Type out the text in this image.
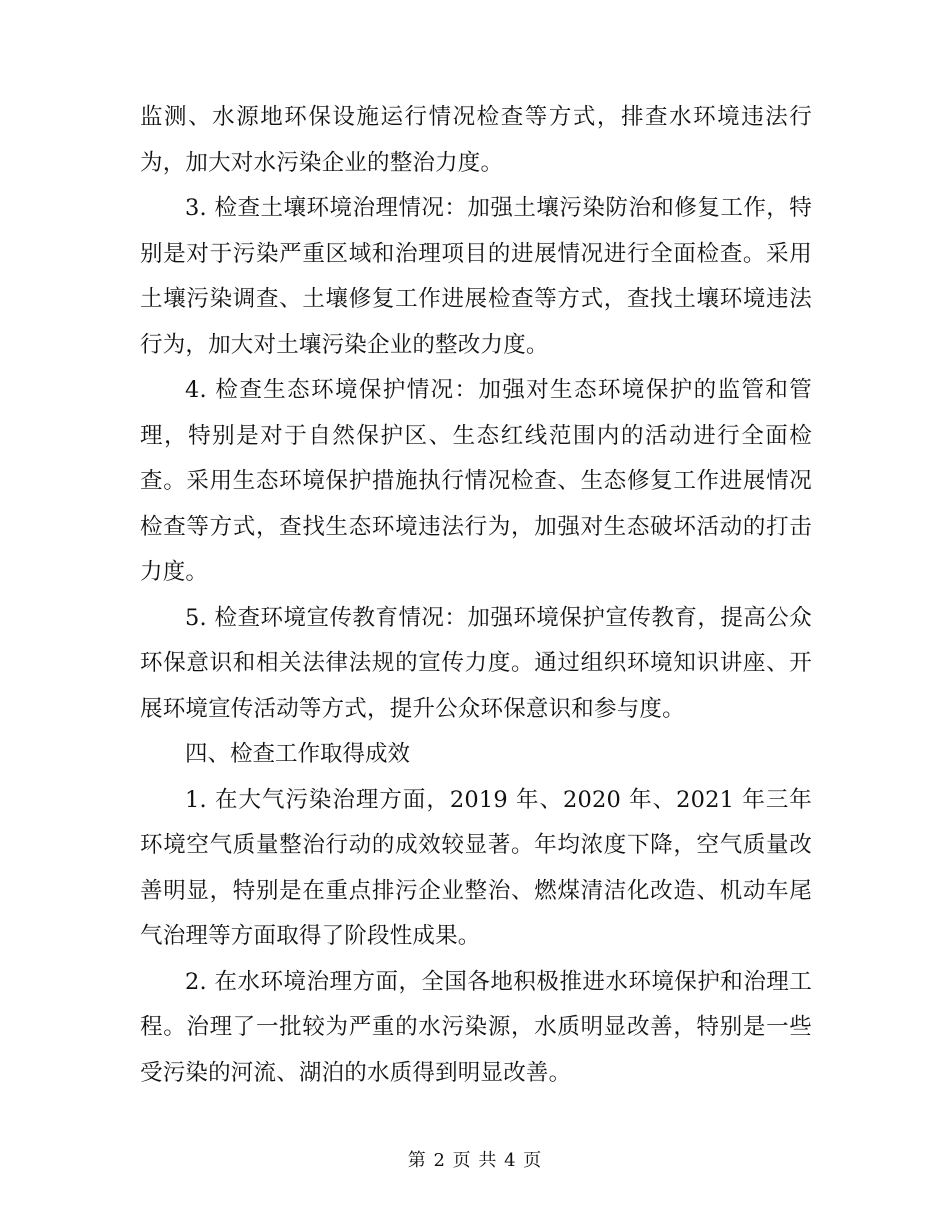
监测、水源地环保设施运行情况检查等方式，排查水环境违法行为，加大对水污染企业的整治力度。

3. 检查土壤环境治理情况：加强土壤污染防治和修复工作，特别是对于污染严重区域和治理项目的进展情况进行全面检查。采用土壤污染调查、土壤修复工作进展检查等方式，查找土壤环境违法行为，加大对土壤污染企业的整改力度。

4. 检查生态环境保护情况：加强对生态环境保护的监管和管理，特别是对于自然保护区、生态红线范围内的活动进行全面检查。采用生态环境保护措施执行情况检查、生态修复工作进展情况检查等方式，查找生态环境违法行为，加强对生态破坏活动的打击力度。

5. 检查环境宣传教育情况：加强环境保护宣传教育，提高公众环保意识和相关法律法规的宣传力度。通过组织环境知识讲座、开展环境宣传活动等方式，提升公众环保意识和参与度。

四、检查工作取得成效

1. 在大气污染治理方面，2019 年、2020 年、2021 年三年环境空气质量整治行动的成效较显著。年均浓度下降，空气质量改善明显，特别是在重点排污企业整治、燃煤清洁化改造、机动车尾气治理等方面取得了阶段性成果。

2. 在水环境治理方面，全国各地积极推进水环境保护和治理工程。治理了一批较为严重的水污染源，水质明显改善，特别是一些受污染的河流、湖泊的水质得到明显改善。

第 2 页 共 4 页
